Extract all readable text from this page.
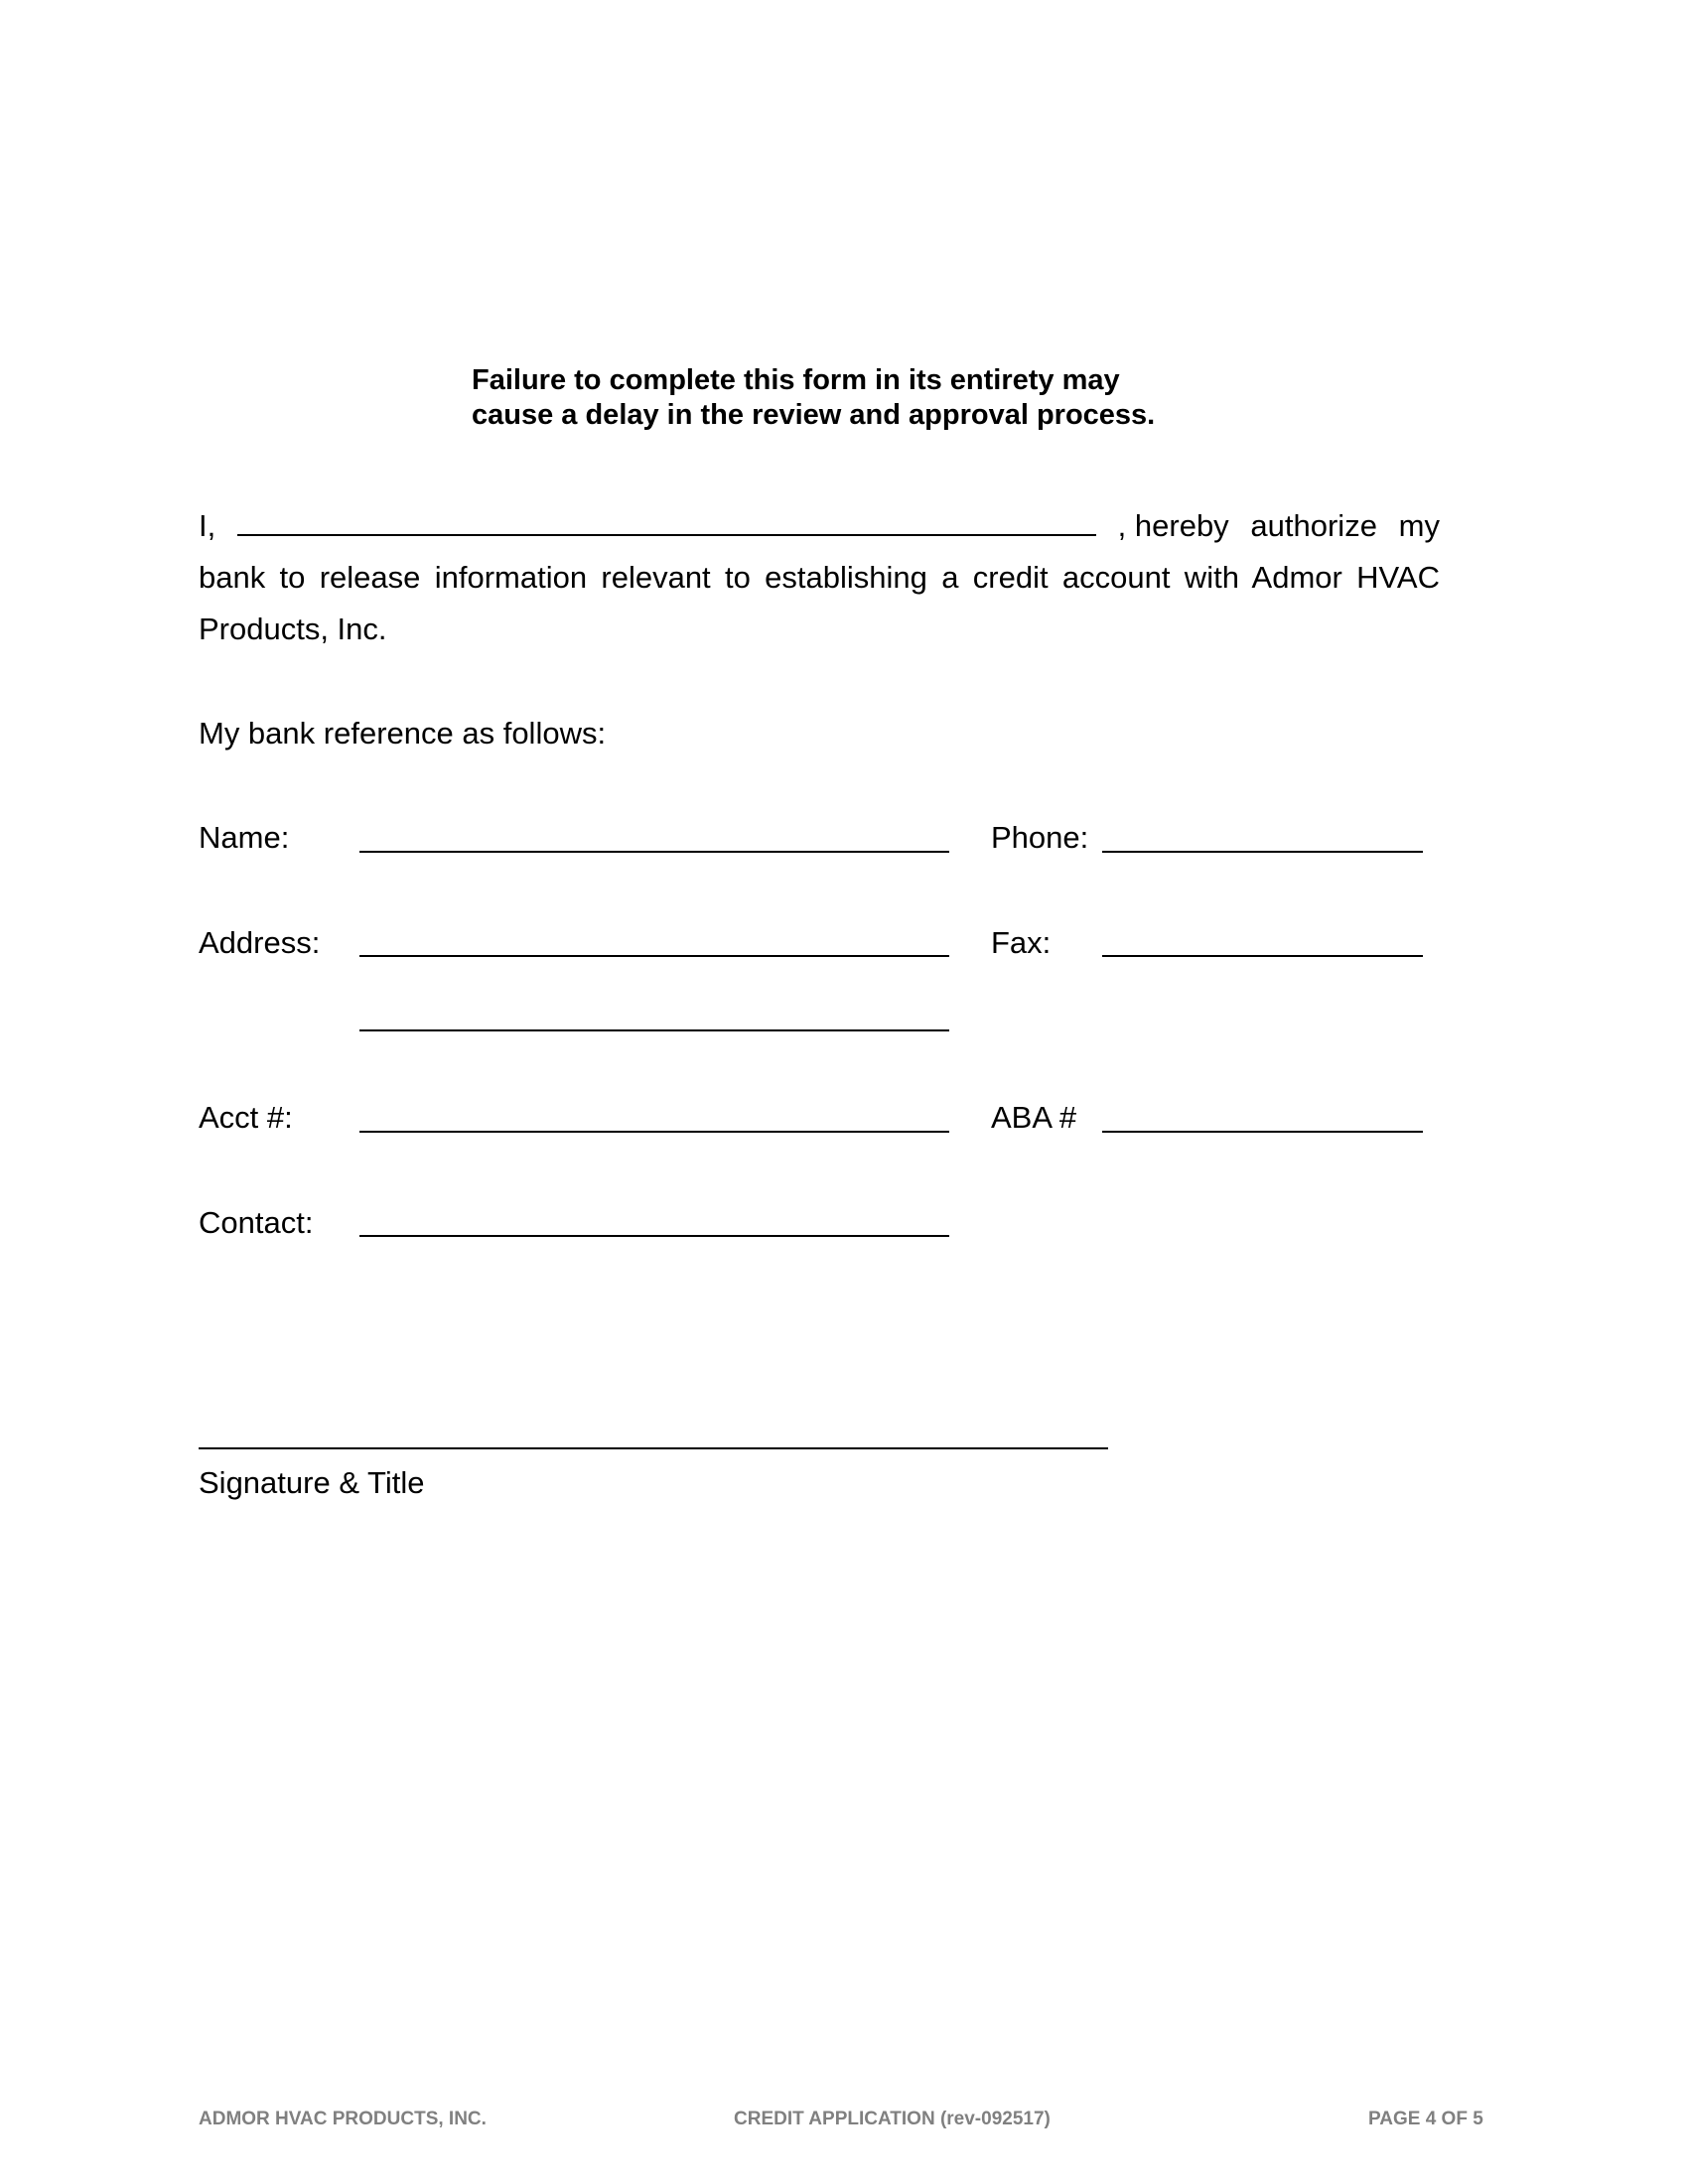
Failure to complete this form in its entirety may
cause a delay in the review and approval process.
I,	, hereby authorize my
bank to release information relevant to establishing a credit account with Admor HVAC Products, Inc.
My bank reference as follows:
Name:	Phone:
Address:	Fax:
Acct #:	ABA #
Contact:
Signature & Title
ADMOR HVAC PRODUCTS, INC.	CREDIT APPLICATION (rev-092517)	PAGE 4 OF 5
